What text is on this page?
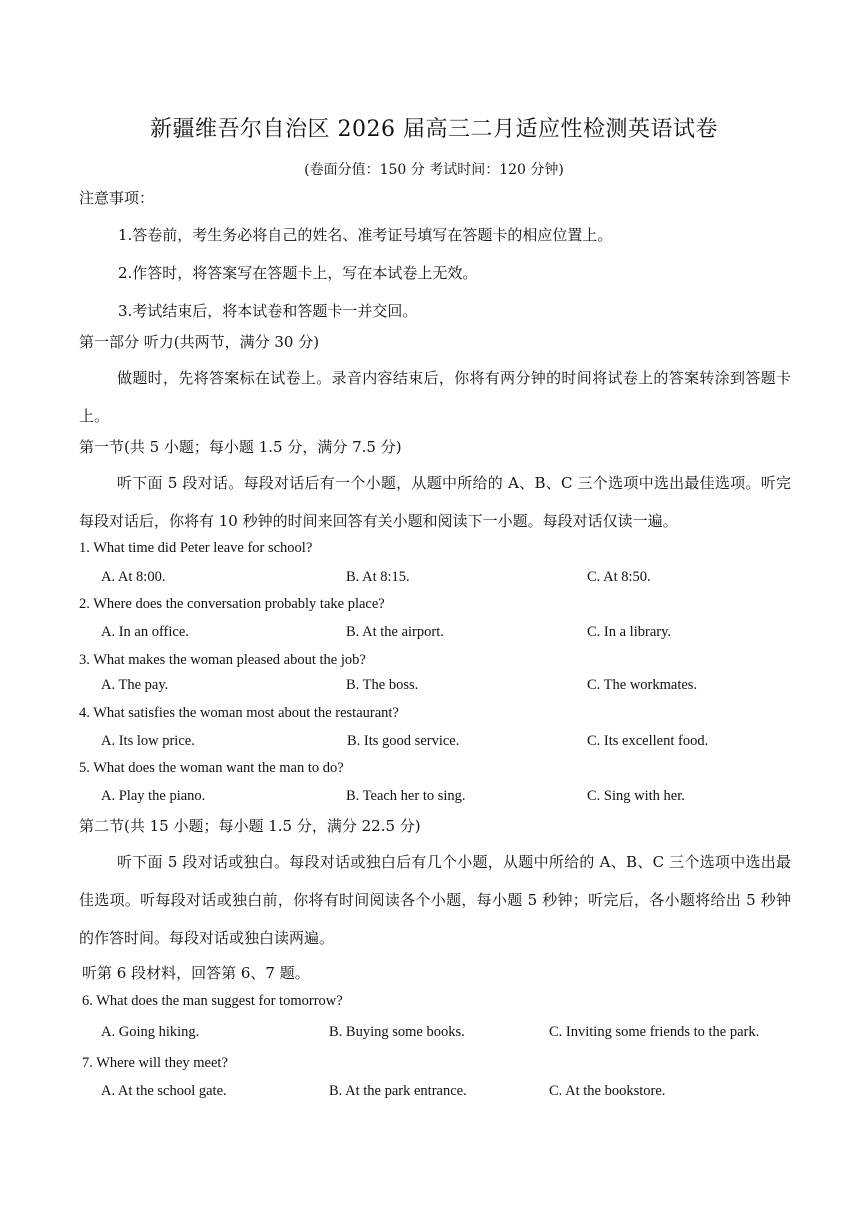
新疆维吾尔自治区 2026 届高三二月适应性检测英语试卷
(卷面分值：150 分 考试时间：120 分钟)
注意事项：
1.答卷前，考生务必将自己的姓名、准考证号填写在答题卡的相应位置上。
2.作答时，将答案写在答题卡上，写在本试卷上无效。
3.考试结束后，将本试卷和答题卡一并交回。
第一部分 听力(共两节，满分 30 分)
做题时，先将答案标在试卷上。录音内容结束后，你将有两分钟的时间将试卷上的答案转涂到答题卡上。
第一节(共 5 小题；每小题 1.5 分，满分 7.5 分)
听下面 5 段对话。每段对话后有一个小题，从题中所给的 A、B、C 三个选项中选出最佳选项。听完每段对话后，你将有 10 秒钟的时间来回答有关小题和阅读下一小题。每段对话仅读一遍。
1. What time did Peter leave for school?
A. At 8:00.	B. At 8:15.	C. At 8:50.
2. Where does the conversation probably take place?
A. In an office.	B. At the airport.	C. In a library.
3. What makes the woman pleased about the job?
A. The pay.	B. The boss.	C. The workmates.
4. What satisfies the woman most about the restaurant?
A. Its low price.	B. Its good service.	C. Its excellent food.
5. What does the woman want the man to do?
A. Play the piano.	B. Teach her to sing.	C. Sing with her.
第二节(共 15 小题；每小题 1.5 分，满分 22.5 分)
听下面 5 段对话或独白。每段对话或独白后有几个小题，从题中所给的 A、B、C 三个选项中选出最佳选项。听每段对话或独白前，你将有时间阅读各个小题，每小题 5 秒钟；听完后，各小题将给出 5 秒钟的作答时间。每段对话或独白读两遍。
听第 6 段材料，回答第 6、7 题。
6. What does the man suggest for tomorrow?
A. Going hiking.	B. Buying some books.	C. Inviting some friends to the park.
7. Where will they meet?
A. At the school gate.	B. At the park entrance.	C. At the bookstore.
